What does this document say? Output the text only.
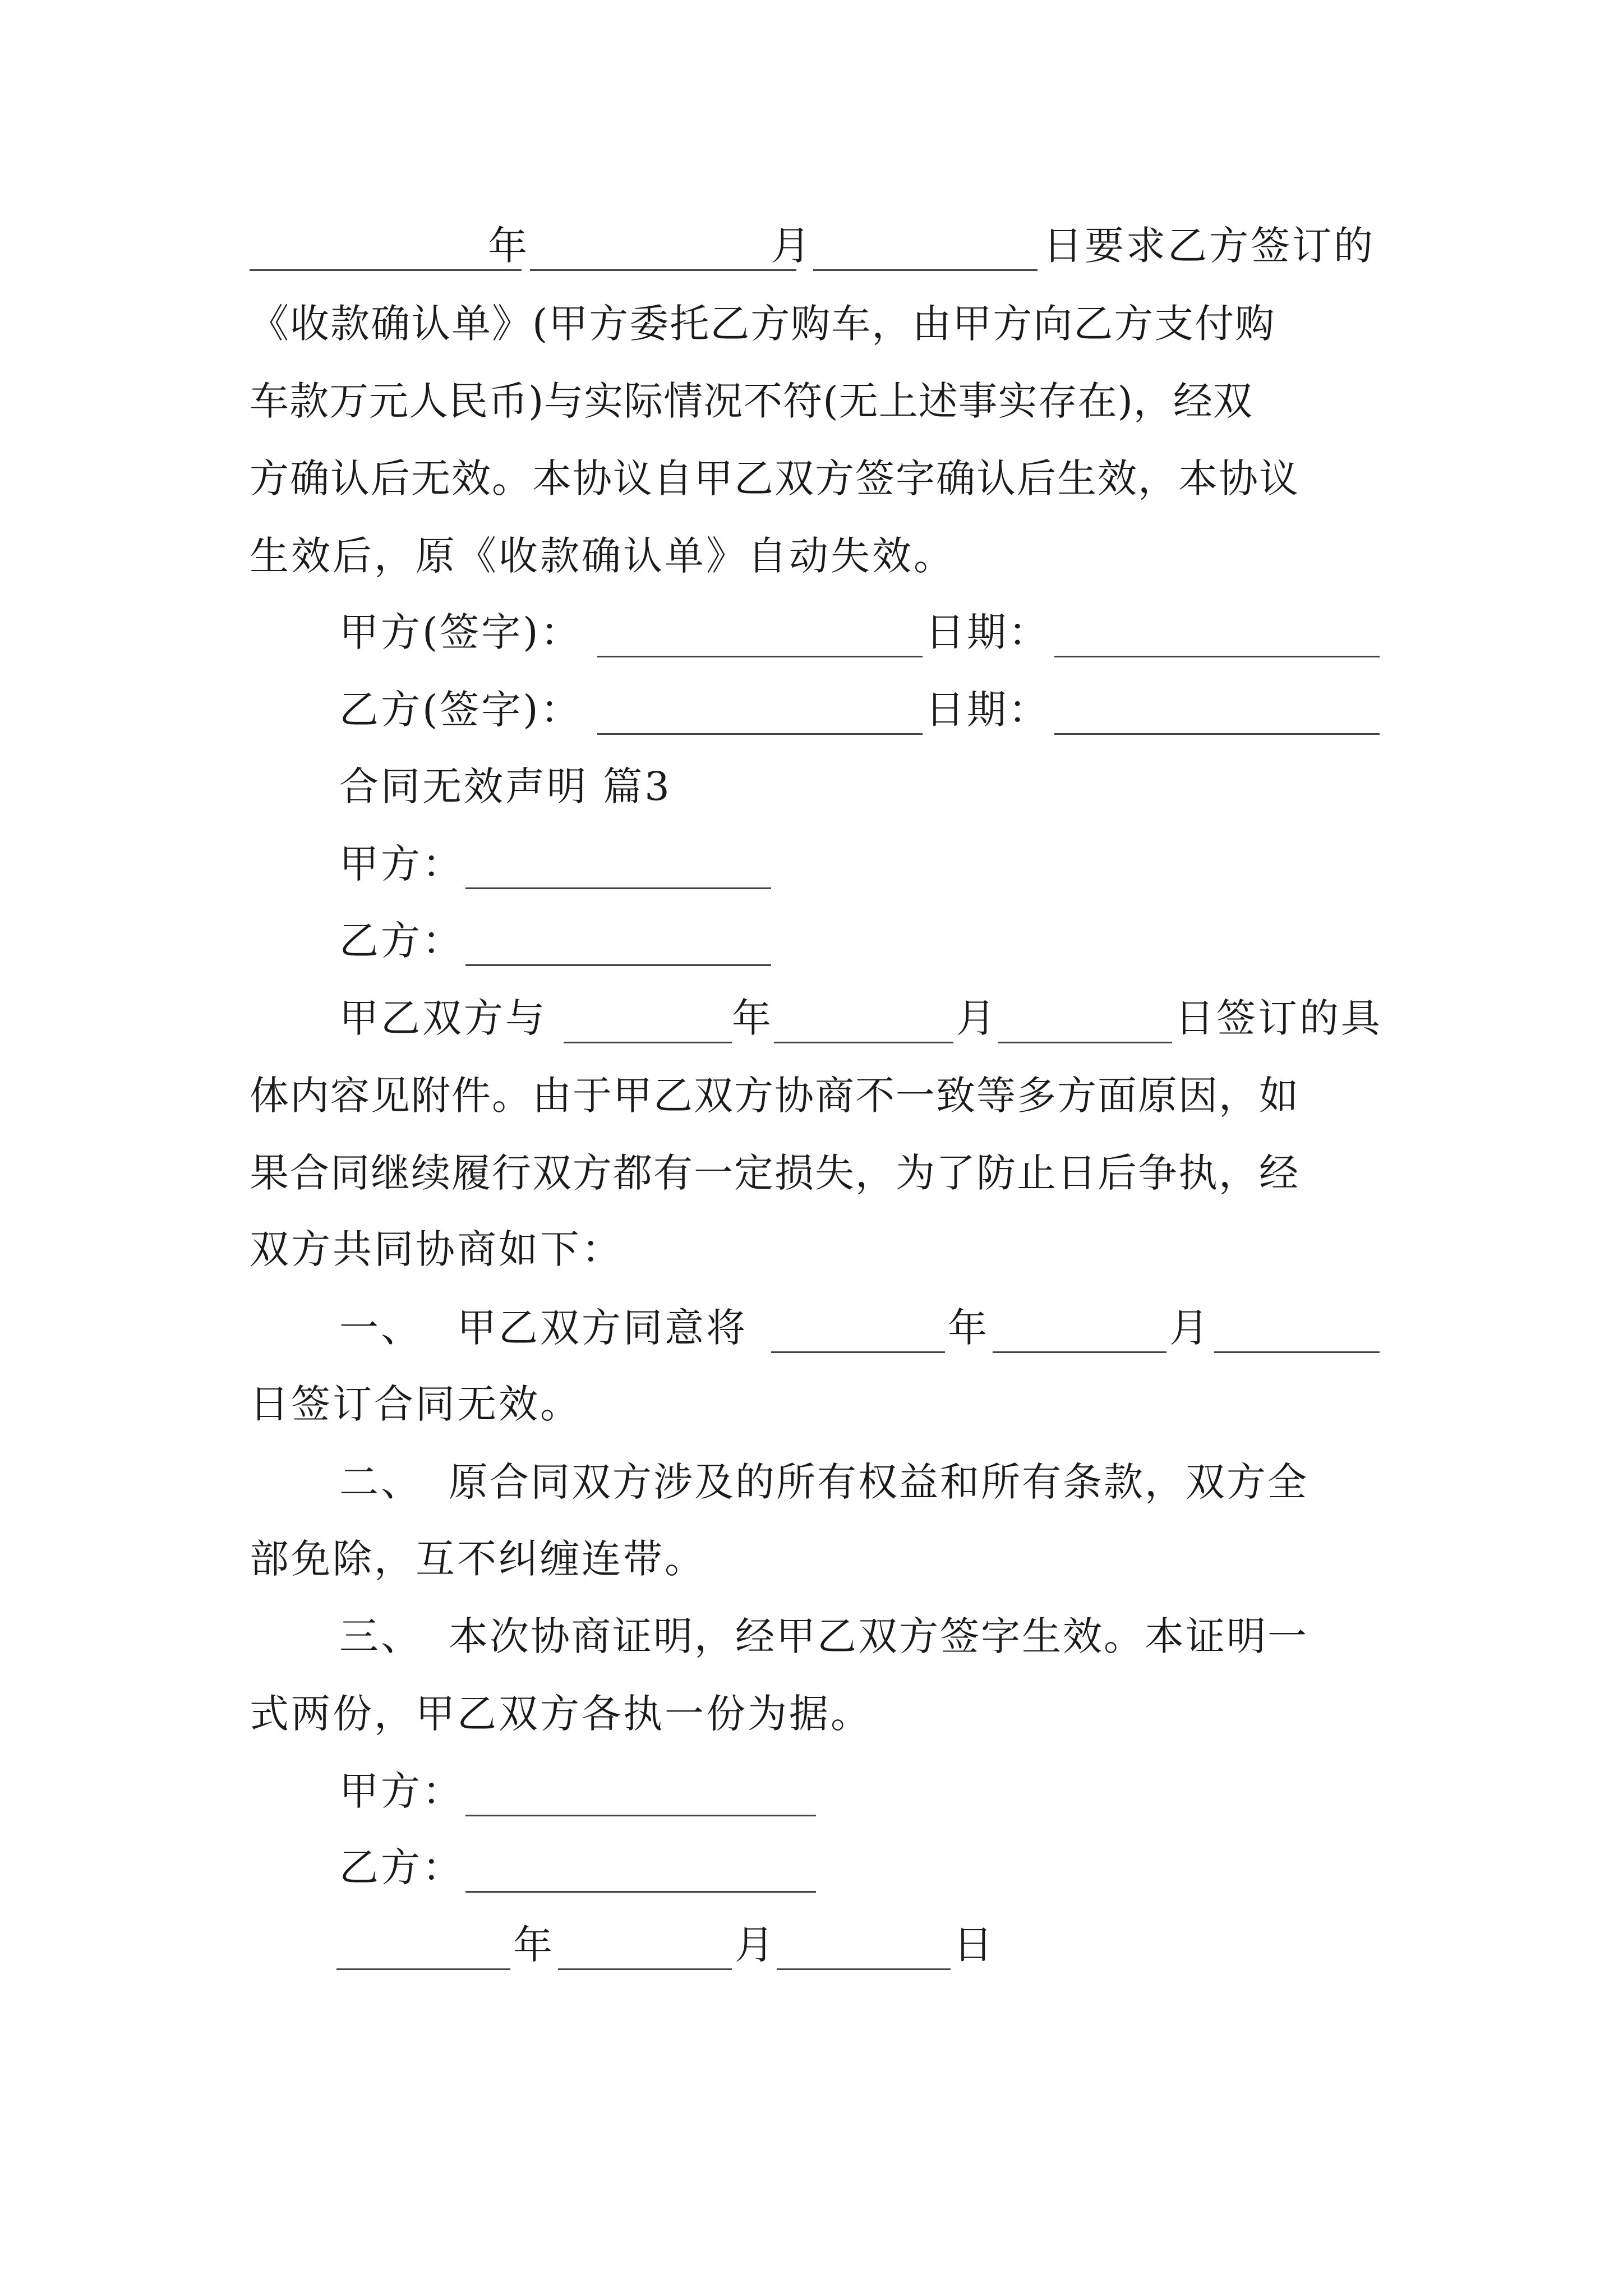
年	月	日要求乙方签订的
《收款确认单》(甲方委托乙方购车，由甲方向乙方支付购
车款万元人民币)与实际情况不符(无上述事实存在)，经双
方确认后无效。本协议自甲乙双方签字确认后生效，本协议
生效后，原《收款确认单》自动失效。
甲方(签字)：	日期：
乙方(签字)：	日期：
合同无效声明 篇3
甲方：
乙方：
甲乙双方与	年	月	日签订的具
体内容见附件。由于甲乙双方协商不一致等多方面原因，如
果合同继续履行双方都有一定损失，为了防止日后争执，经
双方共同协商如下：
一、 甲乙双方同意将	年	月
日签订合同无效。
二、 原合同双方涉及的所有权益和所有条款，双方全
部免除，互不纠缠连带。
三、 本次协商证明，经甲乙双方签字生效。本证明一
式两份，甲乙双方各执一份为据。
甲方：
乙方：
年	月	日
